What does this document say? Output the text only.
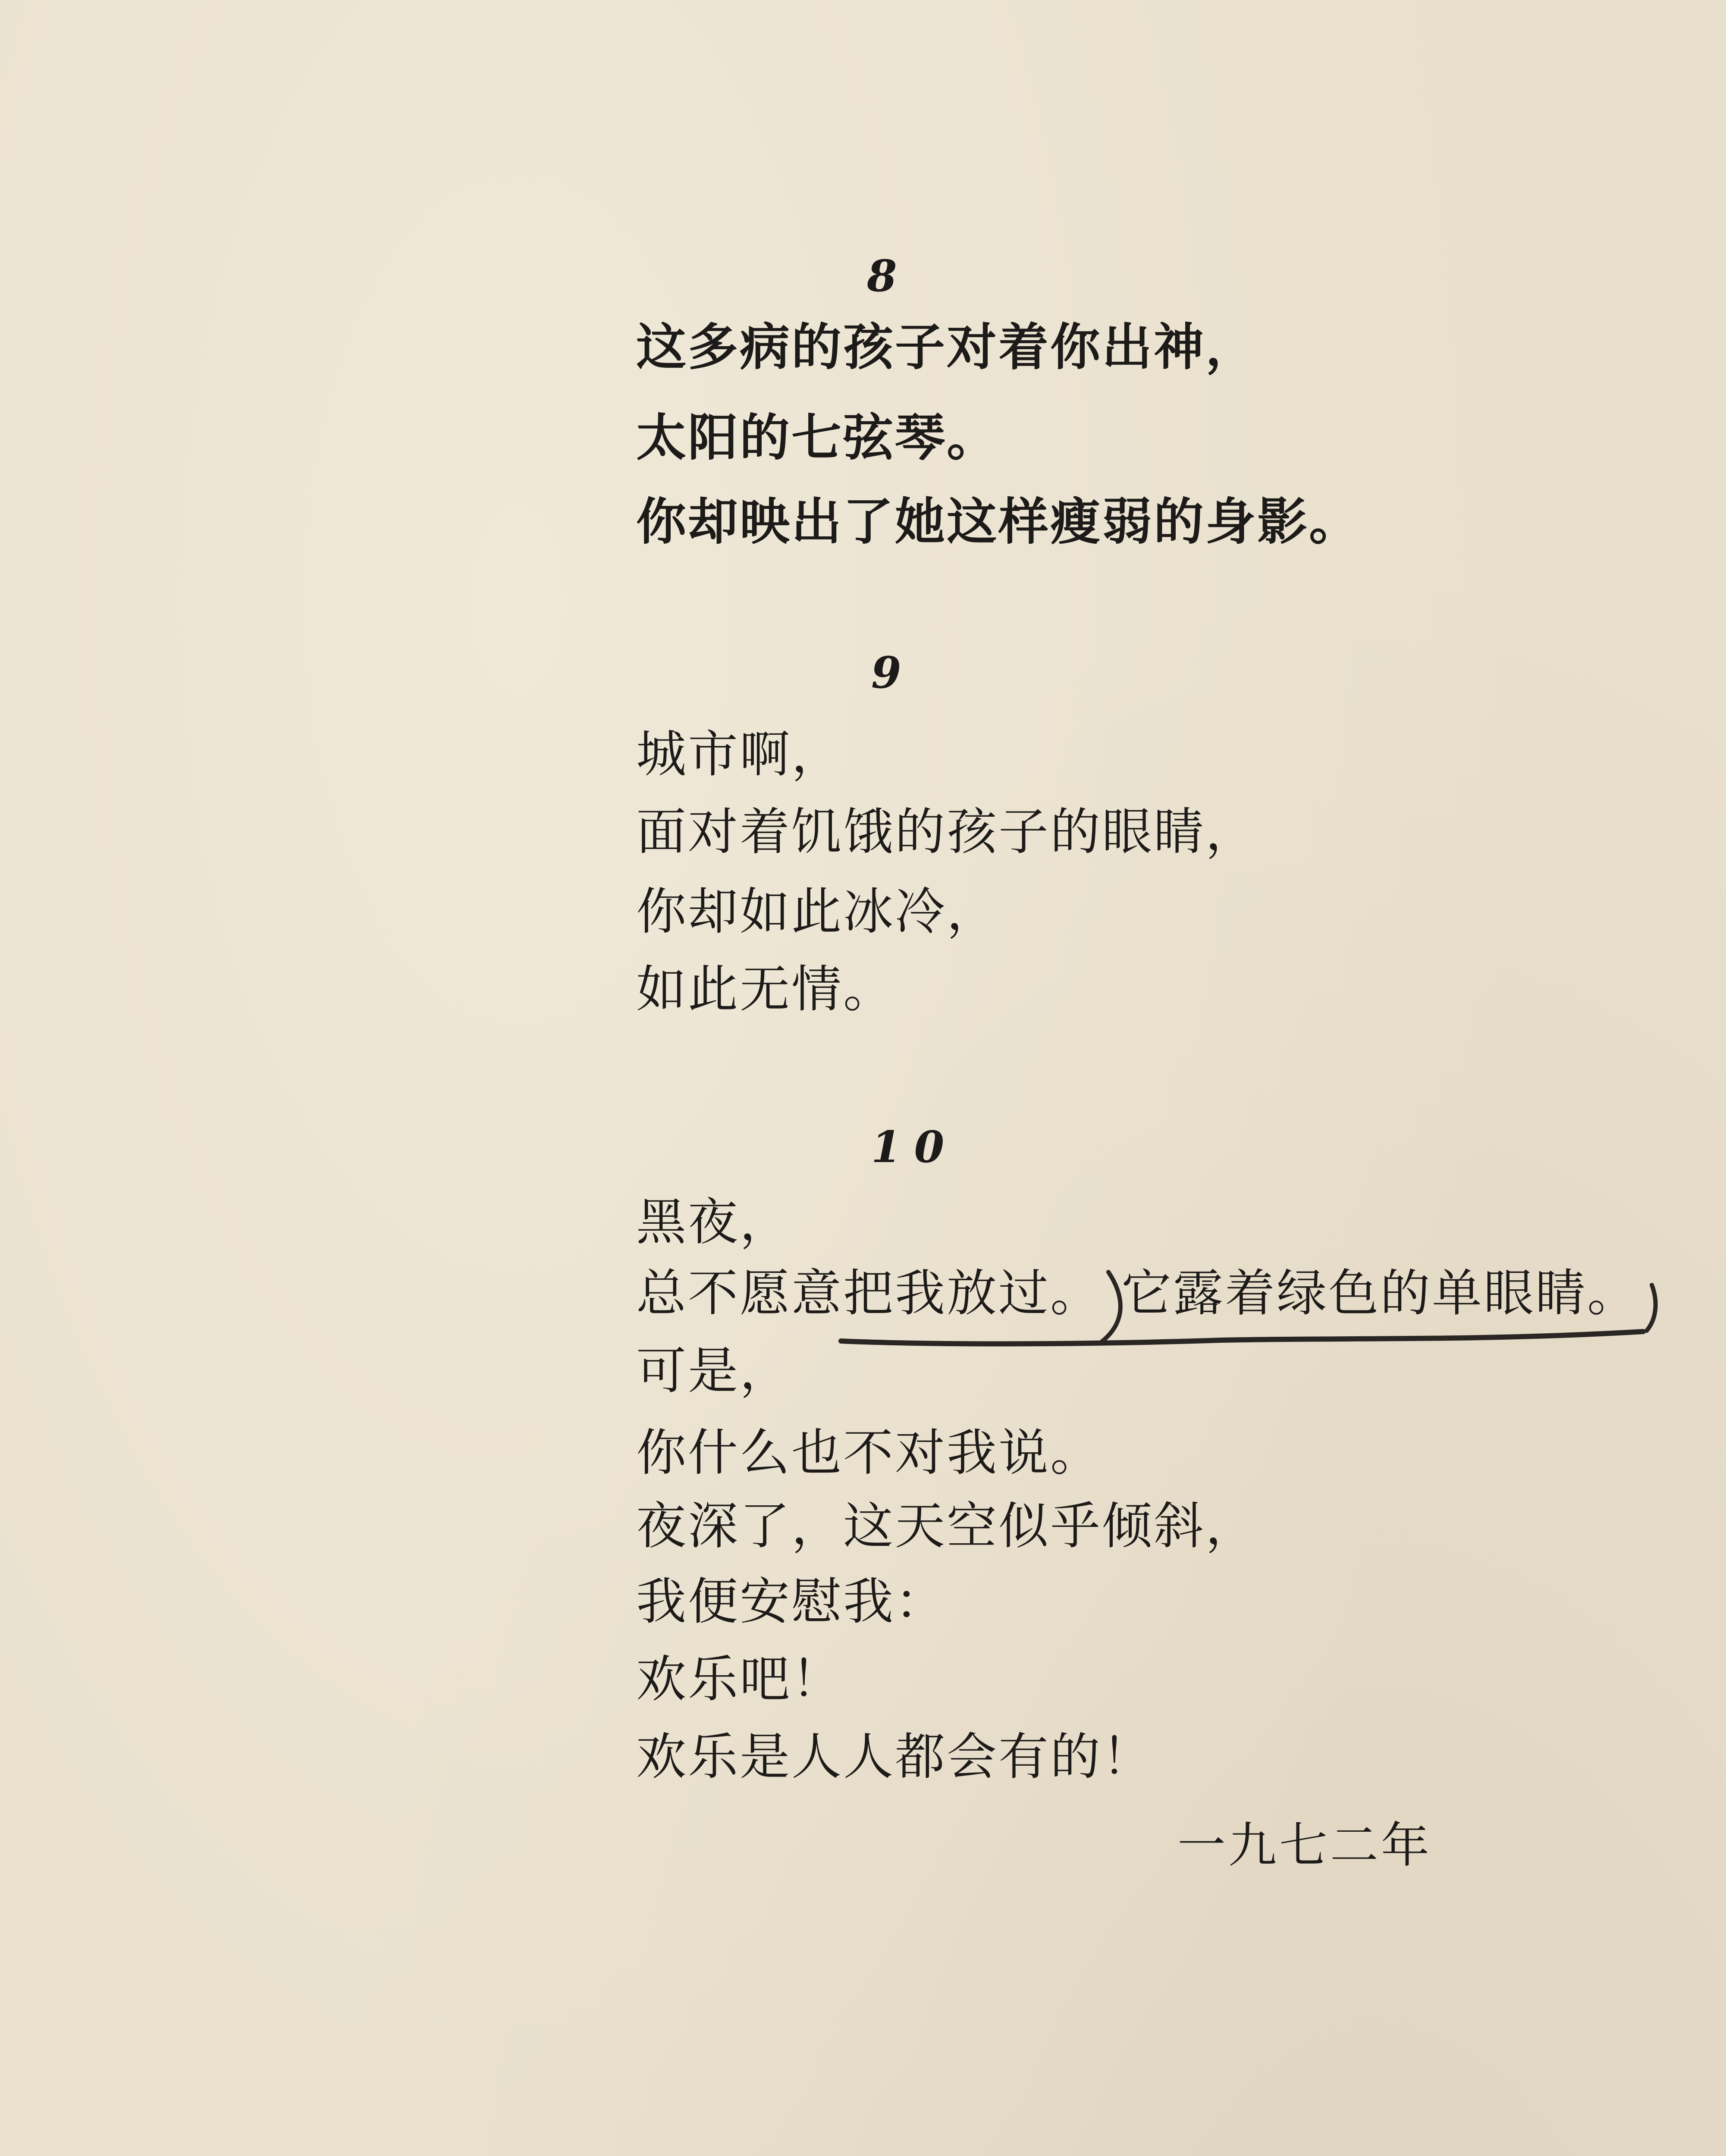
8
这多病的孩子对着你出神，
太阳的七弦琴。
你却映出了她这样瘦弱的身影。
9
城市啊，
面对着饥饿的孩子的眼睛，
你却如此冰冷，
如此无情。
10
黑夜，
总不愿意把我放过。
可是，
你什么也不对我说。
夜深了，这天空似乎倾斜，
我便安慰我：
欢乐吧！
欢乐是人人都会有的！
它露着绿色的单眼睛。
一九七二年
